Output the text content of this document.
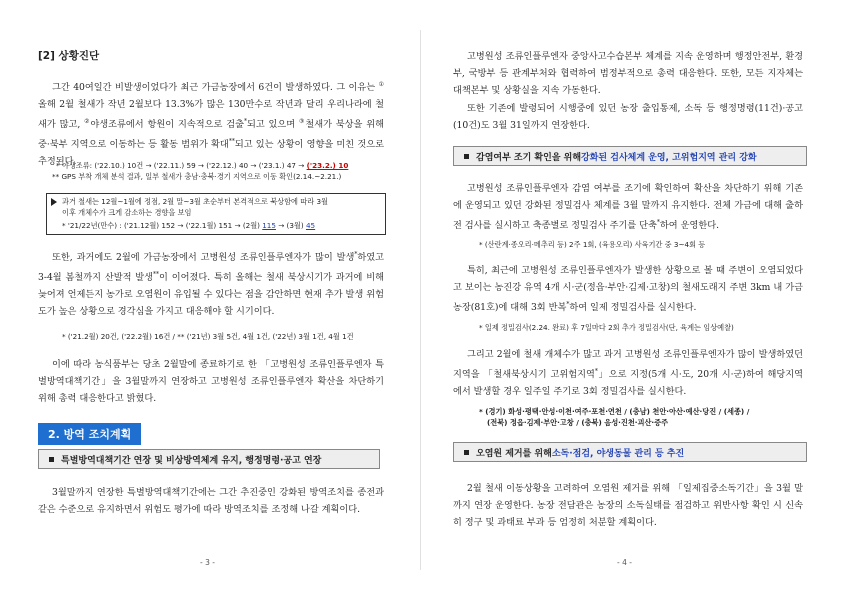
[2] 상황진단

그간 40여일간 비발생이었다가 최근 가금농장에서 6건이 발생하였다. 그 이유는 ①올해 2월 철새가 작년 2월보다 13.3%가 많은 130만수로 작년과 달리 우리나라에 철새가 많고, ②야생조류에서 항원이 지속적으로 검출*되고 있으며 ③철새가 북상을 위해 중·북부 지역으로 이동하는 등 활동 범위가 확대**되고 있는 상황이 영향을 미친 것으로 추정된다.

* 야생조류: ('22.10.) 10건 → ('22.11.) 59 → ('22.12.) 40 → ('23.1.) 47 → ('23.2.) 10
** GPS 부착 개체 분석 결과, 일부 철새가 충남·충북·경기 지역으로 이동 확인(2.14.~2.21.)
과거 철새는 12월~1월에 정점, 2월 말~3월 초순부터 본격적으로 북상함에 따라 3월
이후 개체수가 크게 감소하는 경향을 보임
* '21/22년(만수) : ('21.12월) 152 → ('22.1월) 151 → (2월) 115 → (3월) 45

또한, 과거에도 2월에 가금농장에서 고병원성 조류인플루엔자가 많이 발생*하였고 3-4월 봄철까지 산발적 발생**이 이어졌다. 특히 올해는 철새 북상시기가 과거에 비해 늦어져 언제든지 농가로 오염원이 유입될 수 있다는 점을 감안하면 현재 추가 발생 위험도가 높은 상황으로 경각심을 가지고 대응해야 할 시기이다.

* ('21.2월) 20건, ('22.2월) 16건 / ** ('21년) 3월 5건, 4월 1건, ('22년) 3월 1건, 4월 1건

이에 따라 농식품부는 당초 2월말에 종료하기로 한 「고병원성 조류인플루엔자 특별방역대책기간」을 3월말까지 연장하고 고병원성 조류인플루엔자 확산을 차단하기 위해 총력 대응한다고 밝혔다.

2. 방역 조치계획
특별방역대책기간 연장 및 비상방역체계 유지, 행정명령·공고 연장

3월말까지 연장한 특별방역대책기간에는 그간 추진중인 강화된 방역조치를 종전과 같은 수준으로 유지하면서 위험도 평가에 따라 방역조치를 조정해 나갈 계획이다.

- 3 -

고병원성 조류인플루엔자 중앙사고수습본부 체계를 지속 운영하며 행정안전부, 환경부, 국방부 등 관계부처와 협력하여 범정부적으로 총력 대응한다. 또한, 모든 지자체는 대책본부 및 상황실을 지속 가동한다.

또한 기존에 발령되어 시행중에 있던 농장 출입통제, 소독 등 행정명령(11건)·공고(10건)도 3월 31일까지 연장한다.

감염여부 조기 확인을 위해 강화된 검사체계 운영, 고위험지역 관리 강화

고병원성 조류인플루엔자 감염 여부를 조기에 확인하여 확산을 차단하기 위해 기존에 운영되고 있던 강화된 정밀검사 체계를 3월 말까지 유지한다. 전체 가금에 대해 출하 전 검사를 실시하고 축종별로 정밀검사 주기를 단축*하여 운영한다.

* (산란계·종오리·메추리 등) 2주 1회, (육용오리) 사육기간 중 3~4회 등

특히, 최근에 고병원성 조류인플루엔자가 발생한 상황으로 볼 때 주변이 오염되었다고 보이는 농진강 유역 4개 시·군(정읍·부안·김제·고창)의 철새도래지 주변 3km 내 가금농장(81호)에 대해 3회 반복*하여 일제 정밀검사를 실시한다.

* 일제 정밀검사(2.24. 완료) 후 7일마다 2회 추가 정밀검사(단, 육계는 임상예찰)

그리고 2월에 철새 개체수가 많고 과거 고병원성 조류인플루엔자가 많이 발생하였던 지역을 「철새북상시기 고위험지역*」으로 지정(5개 시·도, 20개 시·군)하여 해당지역에서 발생할 경우 일주일 주기로 3회 정밀검사를 실시한다.

* (경기) 화성·평택·안성·이천·여주·포천·연천 / (충남) 천안·아산·예산·당진 / (세종) /
(전북) 정읍·김제·부안·고창 / (충북) 음성·진천·괴산·증주
오염원 제거를 위해 소독·점검, 야생동물 관리 등 추진

2월 철새 이동상황을 고려하여 오염원 제거를 위해 「일제집중소독기간」을 3월 말까지 연장 운영한다. 농장 전담관은 농장의 소독실태를 점검하고 위반사항 확인 시 신속히 정구 및 과태료 부과 등 엄정히 처분할 계획이다.

- 4 -
